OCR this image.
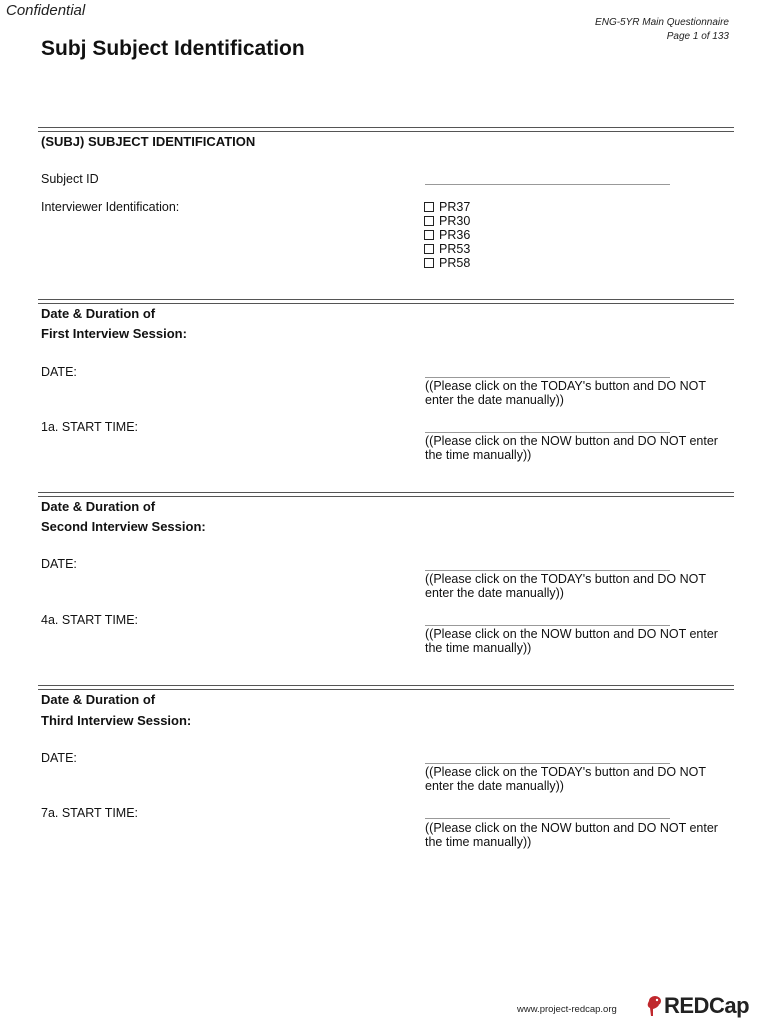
Confidential
ENG-5YR Main Questionnaire
Page 1 of 133
Subj Subject Identification
(SUBJ) SUBJECT IDENTIFICATION
Subject ID
Interviewer Identification:	PR37
PR30
PR36
PR53
PR58
Date & Duration of
First Interview Session:
DATE:
((Please click on the TODAY's button and DO NOT enter the date manually))
1a. START TIME:
((Please click on the NOW button and DO NOT enter the time manually))
Date & Duration of
Second Interview Session:
DATE:
((Please click on the TODAY's button and DO NOT enter the date manually))
4a. START TIME:
((Please click on the NOW button and DO NOT enter the time manually))
Date & Duration of
Third Interview Session:
DATE:
((Please click on the TODAY's button and DO NOT enter the date manually))
7a. START TIME:
((Please click on the NOW button and DO NOT enter the time manually))
www.project-redcap.org REDCap
